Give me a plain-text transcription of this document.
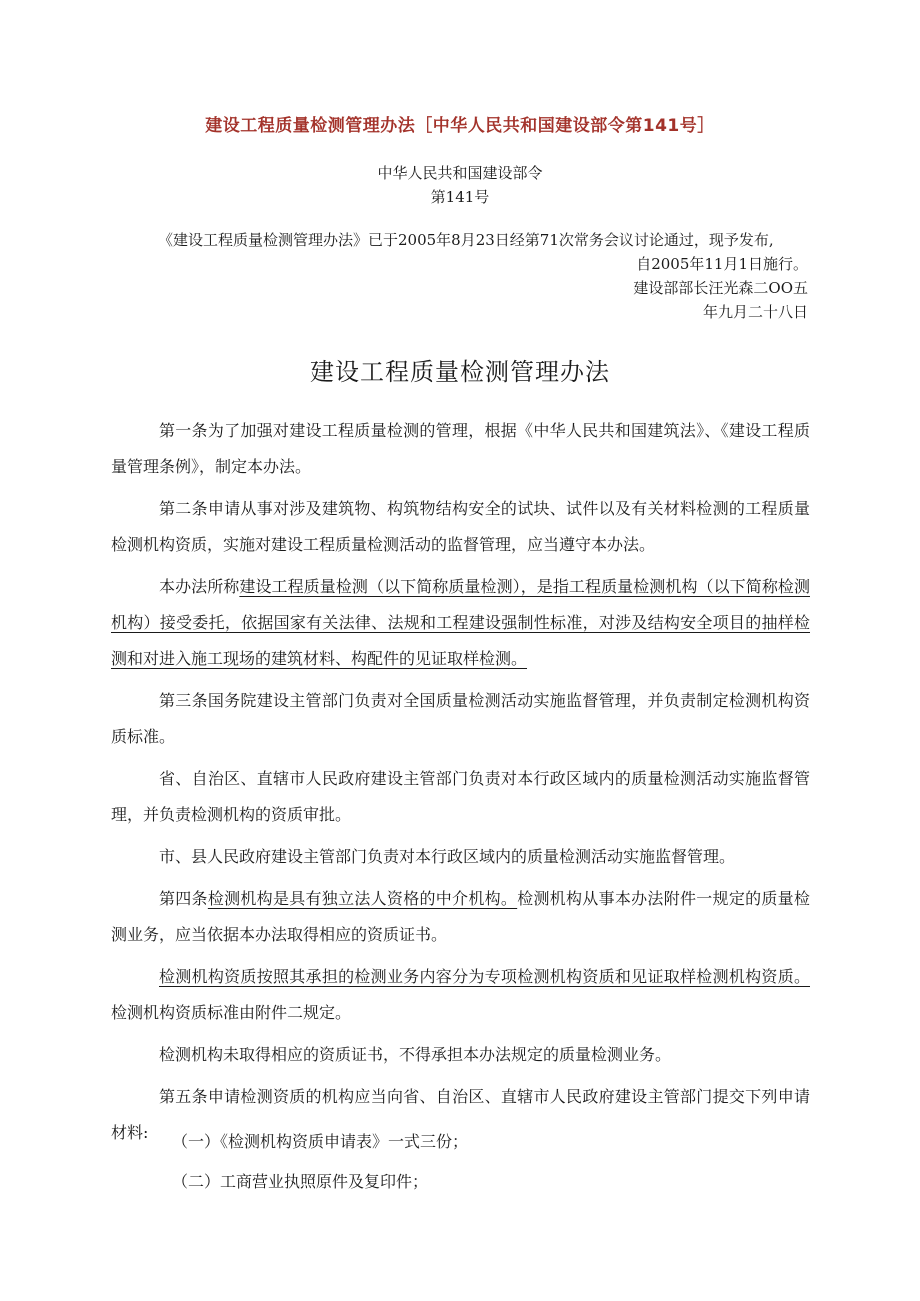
建设工程质量检测管理办法［中华人民共和国建设部令第141号］
中华人民共和国建设部令
第141号
《建设工程质量检测管理办法》已于2005年8月23日经第71次常务会议讨论通过，现予发布,
自2005年11月1日施行。
建设部部长汪光森二OO五
年九月二十八日
建设工程质量检测管理办法

第一条为了加强对建设工程质量检测的管理，根据《中华人民共和国建筑法》、《建设工程质量管理条例》，制定本办法。

第二条申请从事对涉及建筑物、构筑物结构安全的试块、试件以及有关材料检测的工程质量检测机构资质，实施对建设工程质量检测活动的监督管理，应当遵守本办法。

本办法所称建设工程质量检测（以下简称质量检测），是指工程质量检测机构（以下简称检测机构）接受委托，依据国家有关法律、法规和工程建设强制性标准，对涉及结构安全项目的抽样检测和对进入施工现场的建筑材料、构配件的见证取样检测。

第三条国务院建设主管部门负责对全国质量检测活动实施监督管理，并负责制定检测机构资质标准。

省、自治区、直辖市人民政府建设主管部门负责对本行政区域内的质量检测活动实施监督管理，并负责检测机构的资质审批。

市、县人民政府建设主管部门负责对本行政区域内的质量检测活动实施监督管理。

第四条检测机构是具有独立法人资格的中介机构。检测机构从事本办法附件一规定的质量检测业务，应当依据本办法取得相应的资质证书。

检测机构资质按照其承担的检测业务内容分为专项检测机构资质和见证取样检测机构资质。检测机构资质标准由附件二规定。

检测机构未取得相应的资质证书，不得承担本办法规定的质量检测业务。

第五条申请检测资质的机构应当向省、自治区、直辖市人民政府建设主管部门提交下列申请材料:	（一）《检测机构资质申请表》一式三份；

（二）工商营业执照原件及复印件；
